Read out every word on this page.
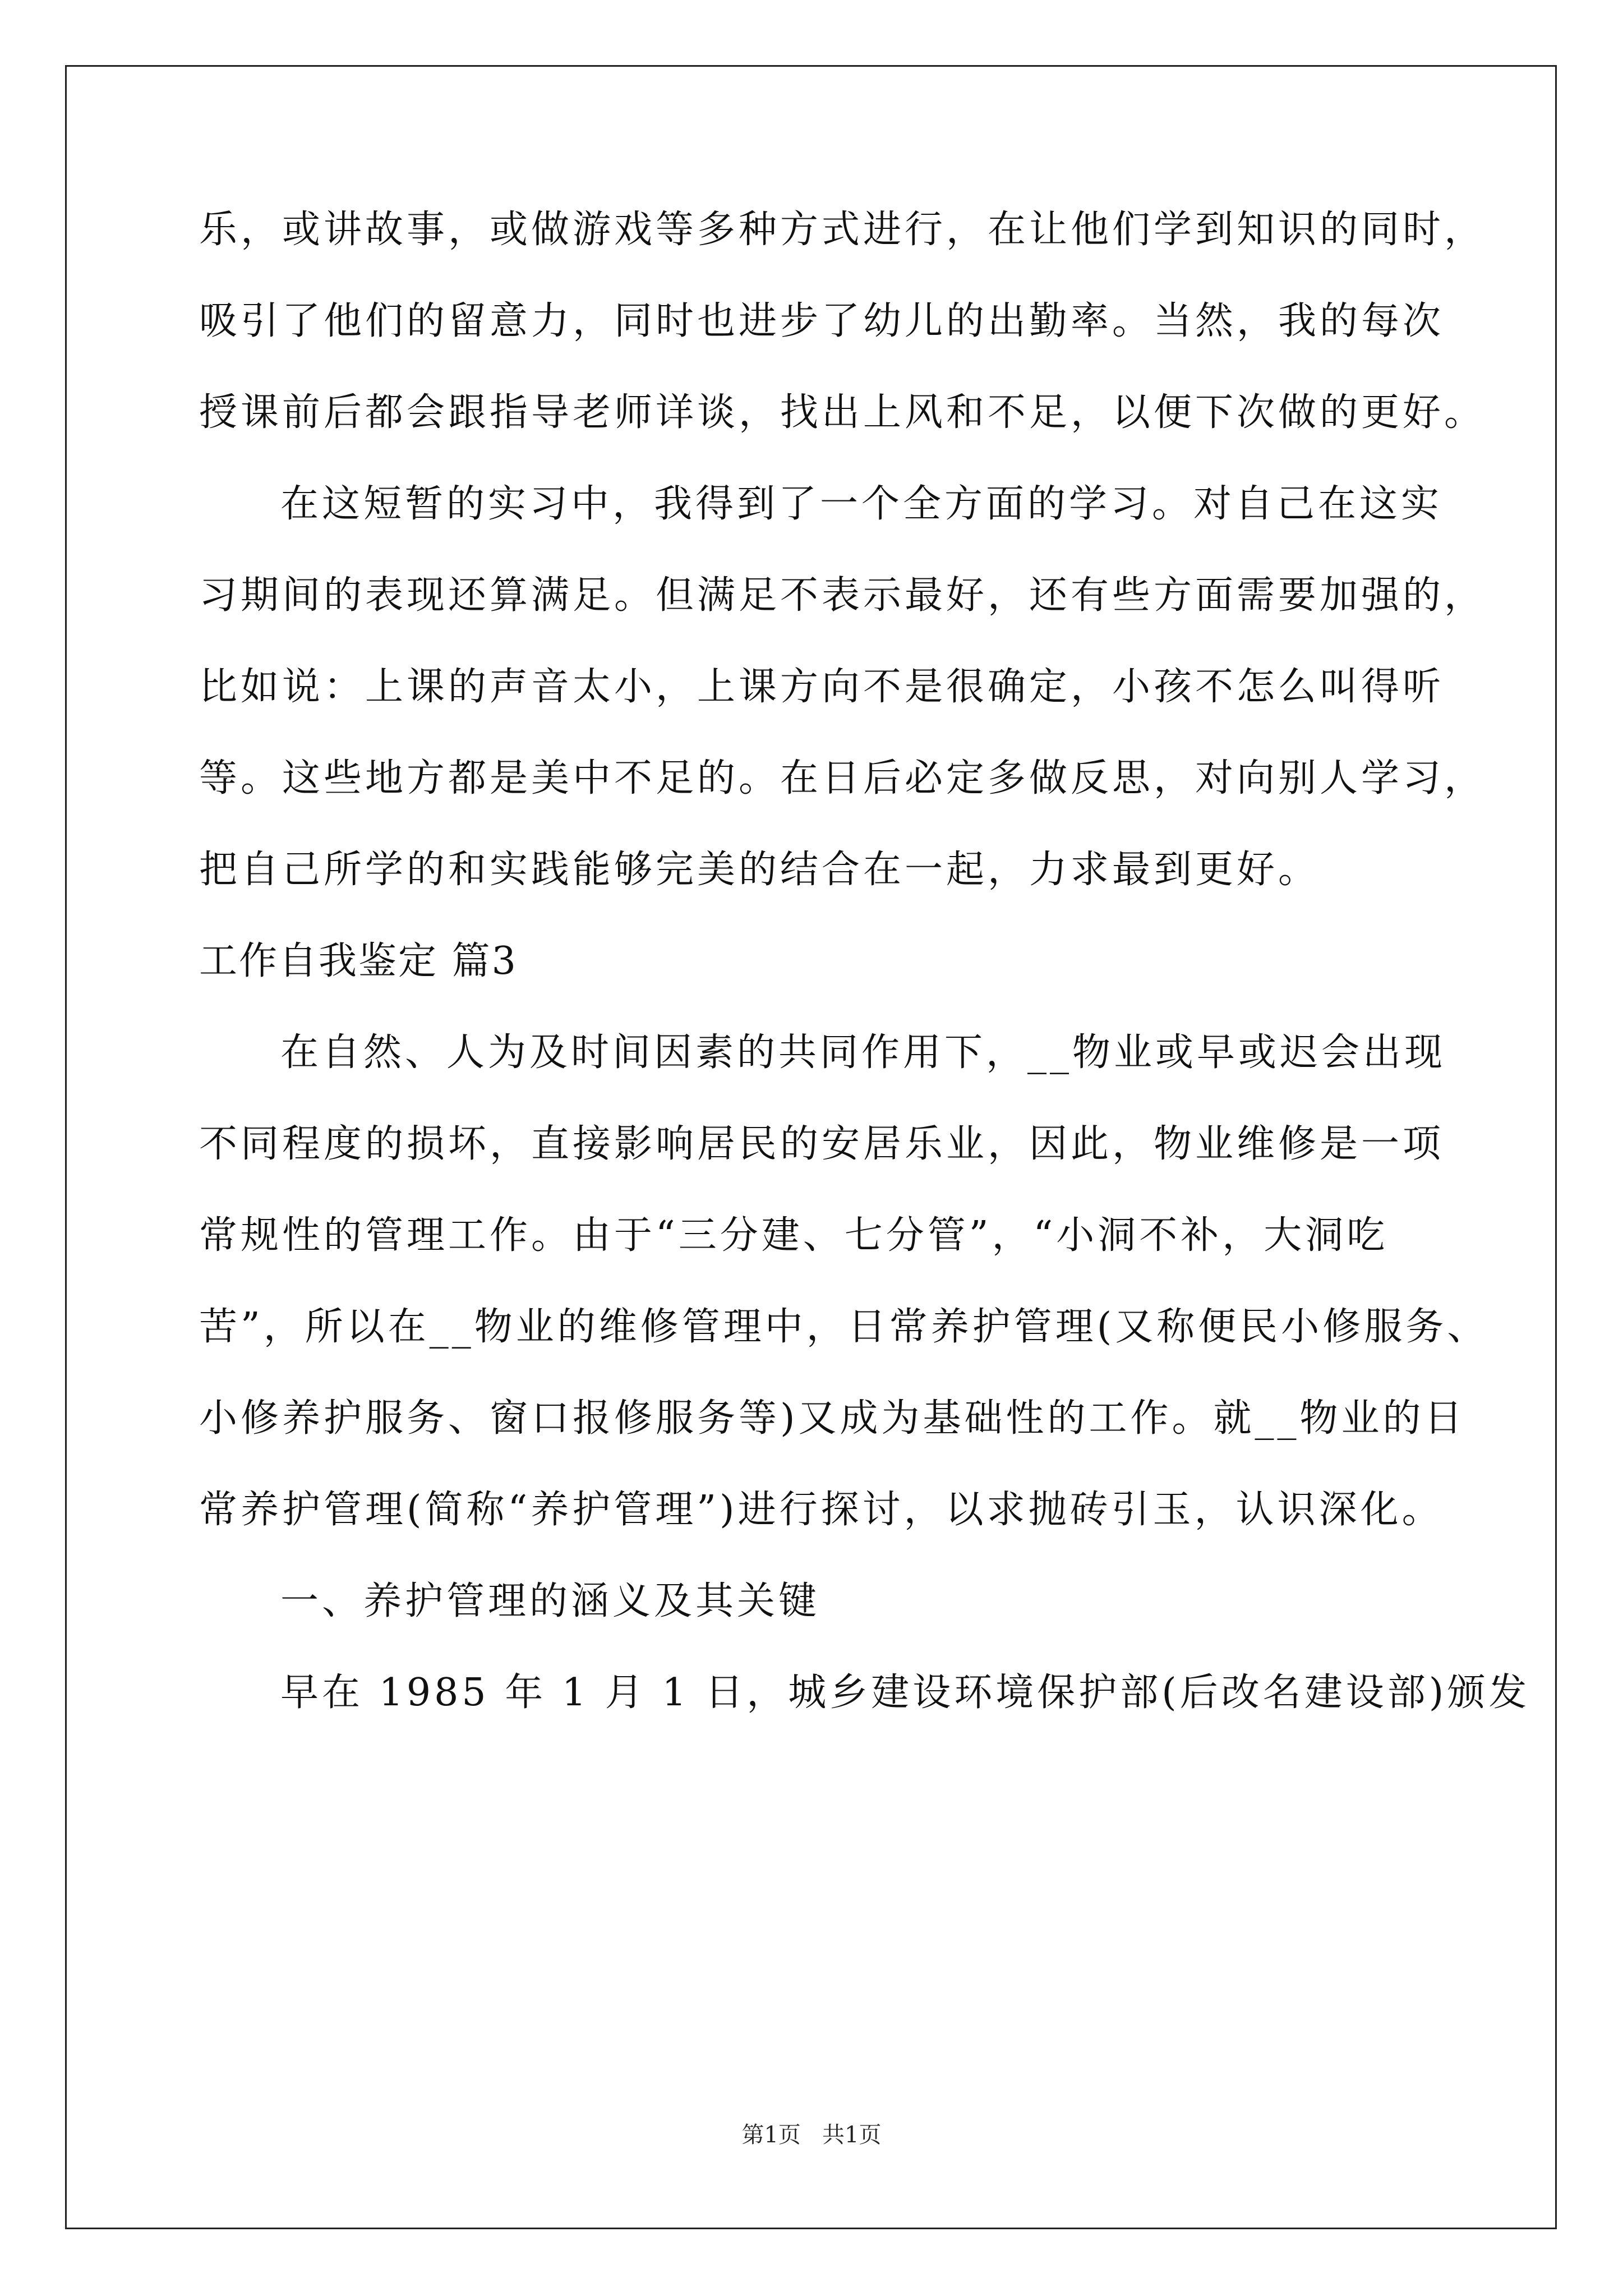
乐，或讲故事，或做游戏等多种方式进行，在让他们学到知识的同时，
吸引了他们的留意力，同时也进步了幼儿的出勤率。当然，我的每次
授课前后都会跟指导老师详谈，找出上风和不足，以便下次做的更好。
在这短暂的实习中，我得到了一个全方面的学习。对自己在这实
习期间的表现还算满足。但满足不表示最好，还有些方面需要加强的，
比如说：上课的声音太小，上课方向不是很确定，小孩不怎么叫得听
等。这些地方都是美中不足的。在日后必定多做反思，对向别人学习，
把自己所学的和实践能够完美的结合在一起，力求最到更好。
工作自我鉴定 篇3
在自然、人为及时间因素的共同作用下，__物业或早或迟会出现
不同程度的损坏，直接影响居民的安居乐业，因此，物业维修是一项
常规性的管理工作。由于“三分建、七分管”，“小洞不补，大洞吃
苦”，所以在__物业的维修管理中，日常养护管理(又称便民小修服务、
小修养护服务、窗口报修服务等)又成为基础性的工作。就__物业的日
常养护管理(简称“养护管理”)进行探讨，以求抛砖引玉，认识深化。
一、养护管理的涵义及其关键
早在 1985 年 1 月 1 日，城乡建设环境保护部(后改名建设部)颁发
第1页   共1页
